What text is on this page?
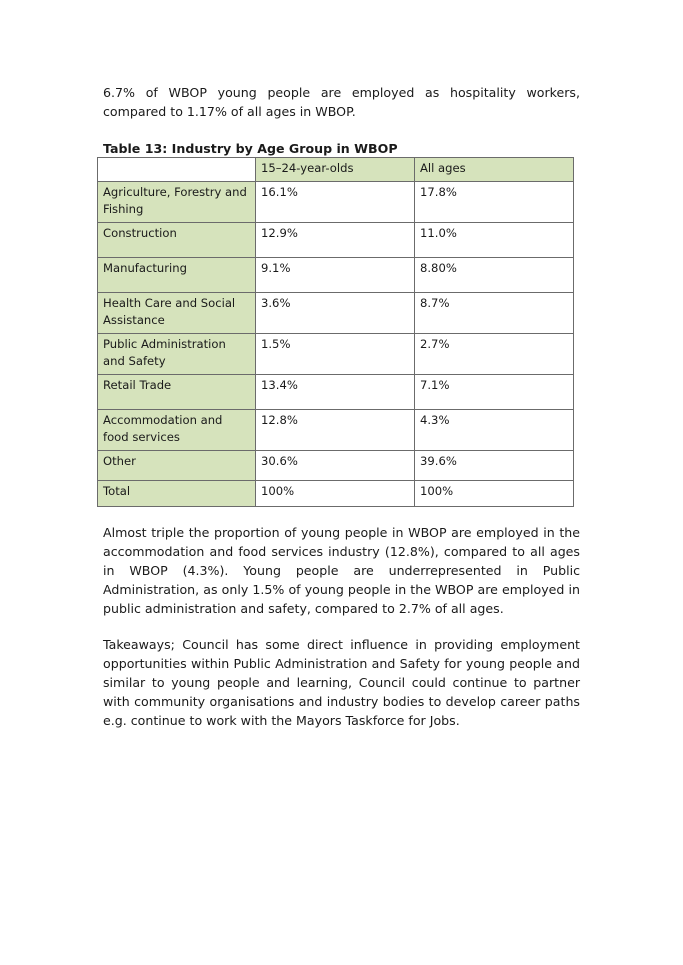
6.7% of WBOP young people are employed as hospitality workers, compared to 1.17% of all ages in WBOP.

Table 13: Industry by Age Group in WBOP

	15–24-year-olds	All ages
Agriculture, Forestry and Fishing	16.1%	17.8%
Construction	12.9%	11.0%
Manufacturing	9.1%	8.80%
Health Care and Social Assistance	3.6%	8.7%
Public Administration and Safety	1.5%	2.7%
Retail Trade	13.4%	7.1%
Accommodation and food services	12.8%	4.3%
Other	30.6%	39.6%
Total	100%	100%

Almost triple the proportion of young people in WBOP are employed in the accommodation and food services industry (12.8%), compared to all ages in WBOP (4.3%). Young people are underrepresented in Public Administration, as only 1.5% of young people in the WBOP are employed in public administration and safety, compared to 2.7% of all ages.

Takeaways; Council has some direct influence in providing employment opportunities within Public Administration and Safety for young people and similar to young people and learning, Council could continue to partner with community organisations and industry bodies to develop career paths e.g. continue to work with the Mayors Taskforce for Jobs.
